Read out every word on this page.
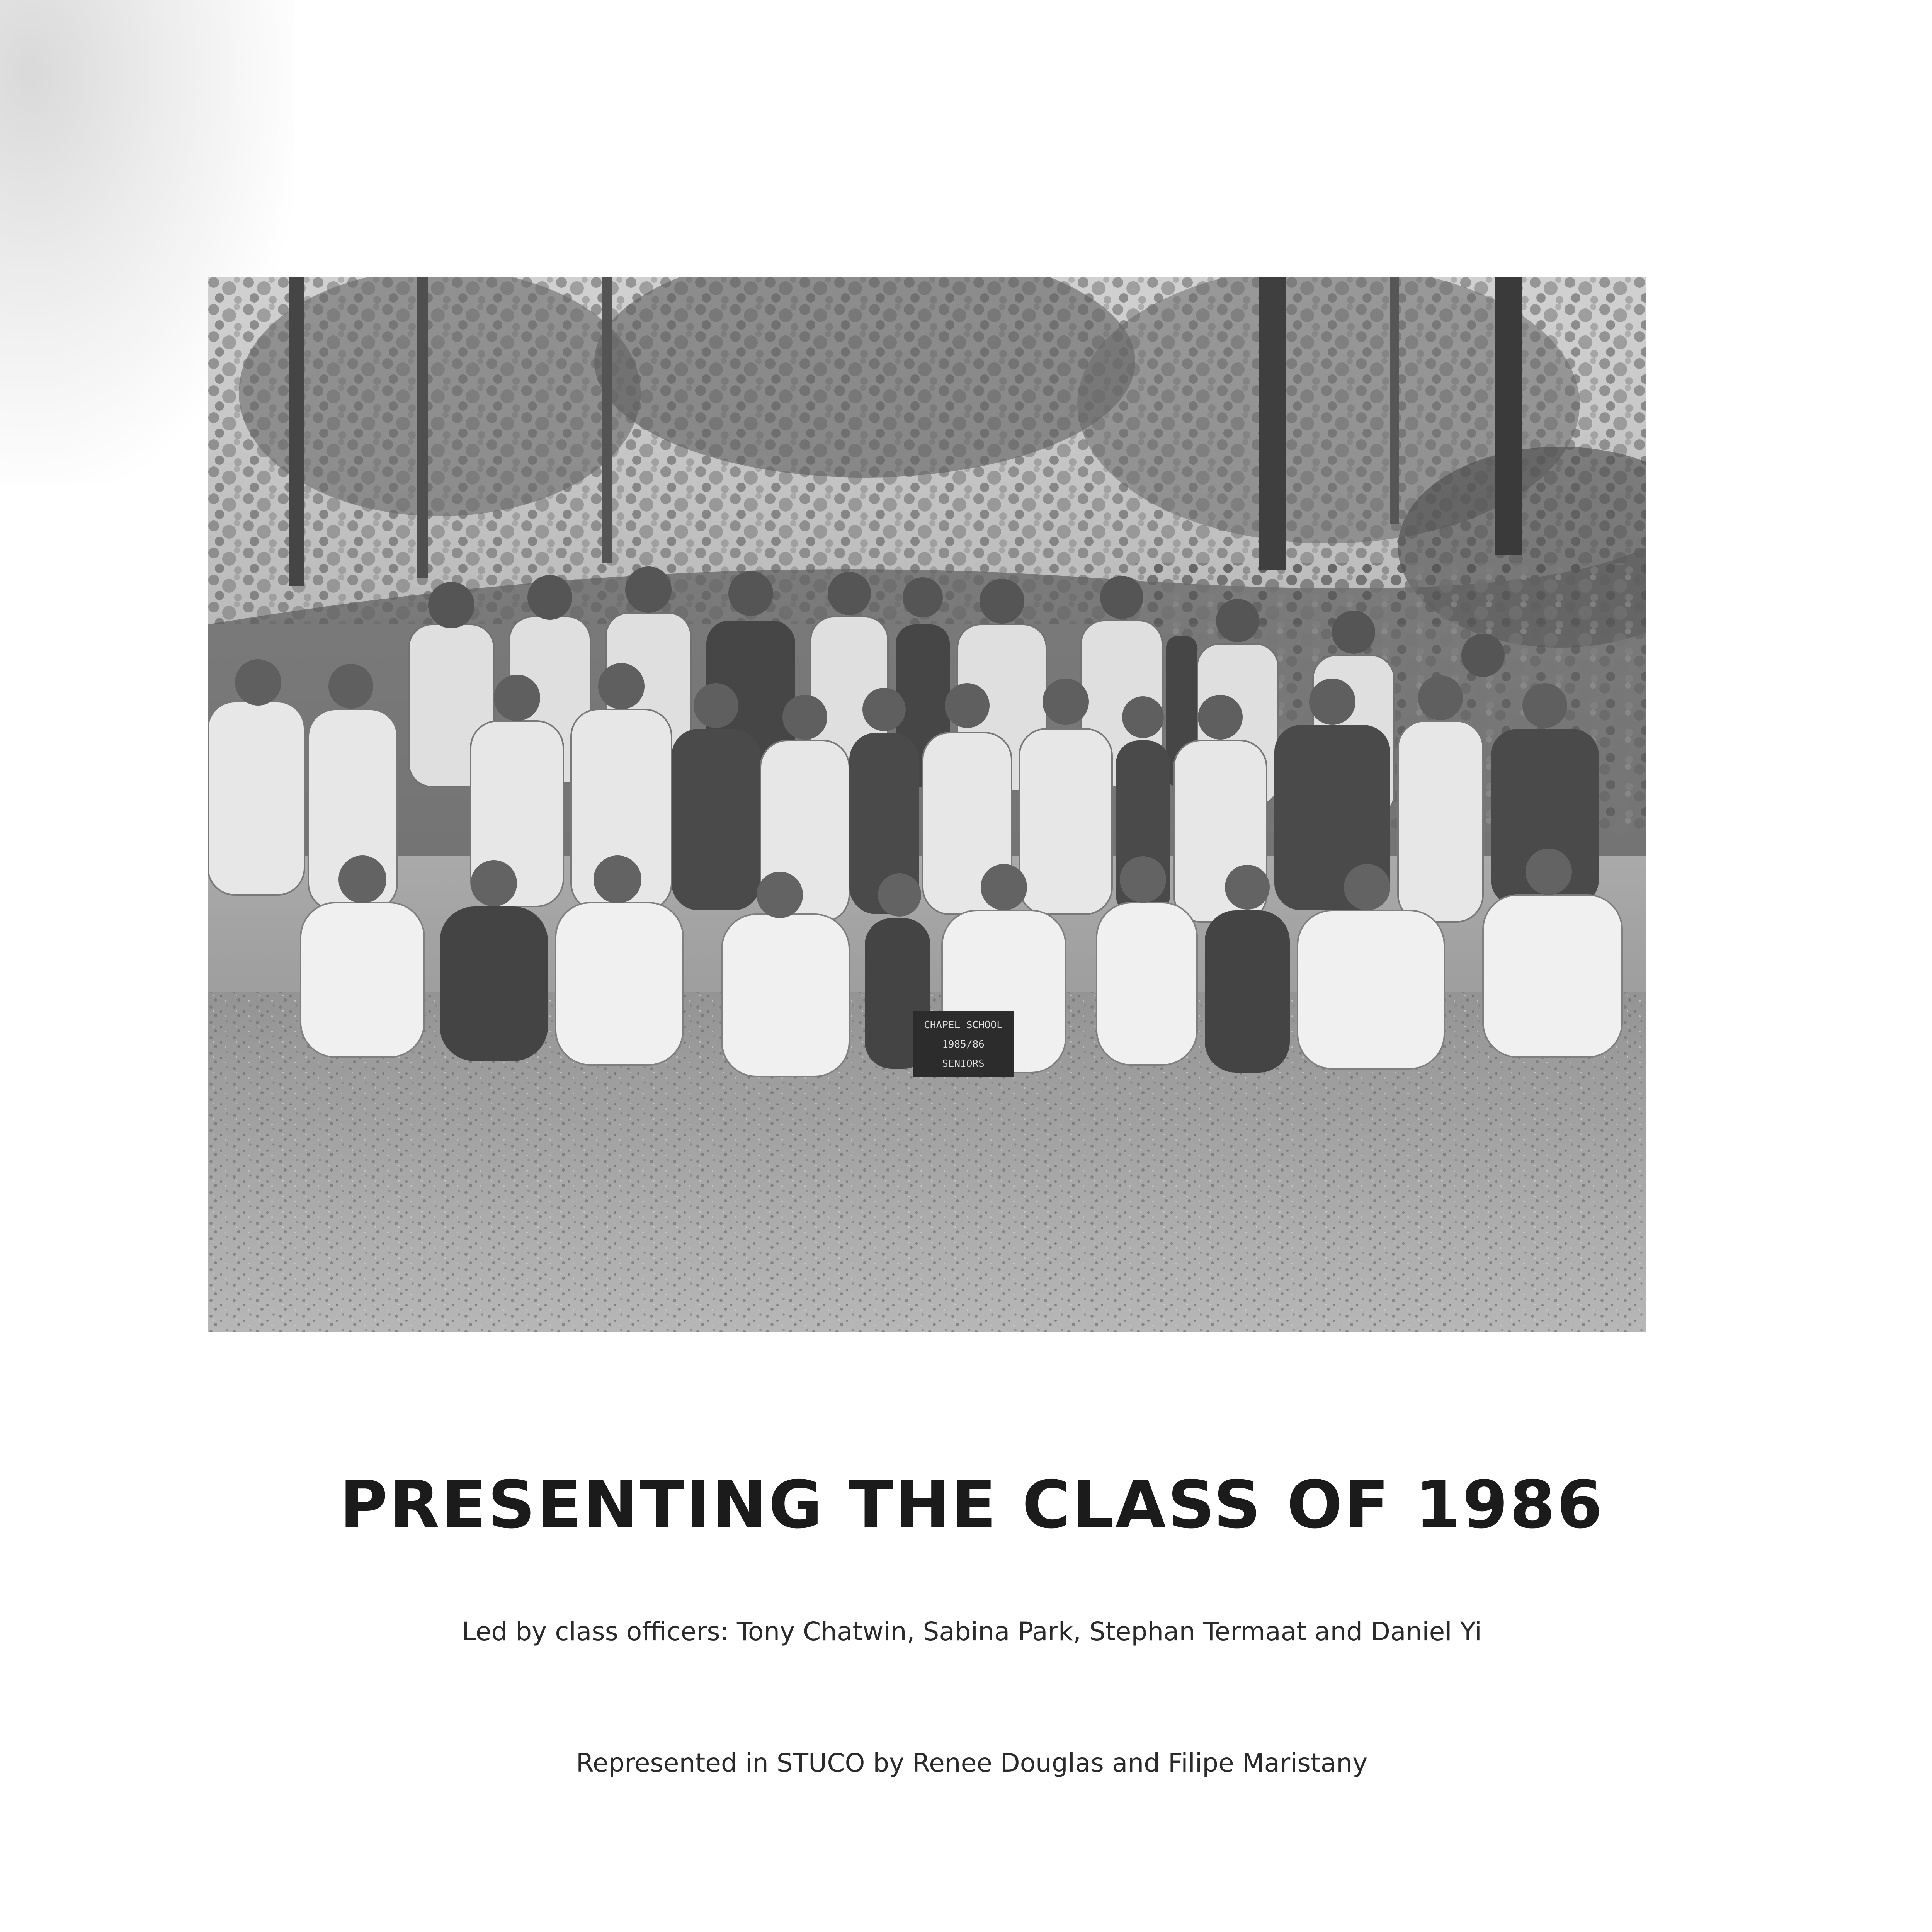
CHAPEL SCHOOL
1985/86
SENIORS
PRESENTING THE CLASS OF 1986

Led by class officers: Tony Chatwin, Sabina Park, Stephan Termaat and Daniel Yi

Represented in STUCO by Renee Douglas and Filipe Maristany
